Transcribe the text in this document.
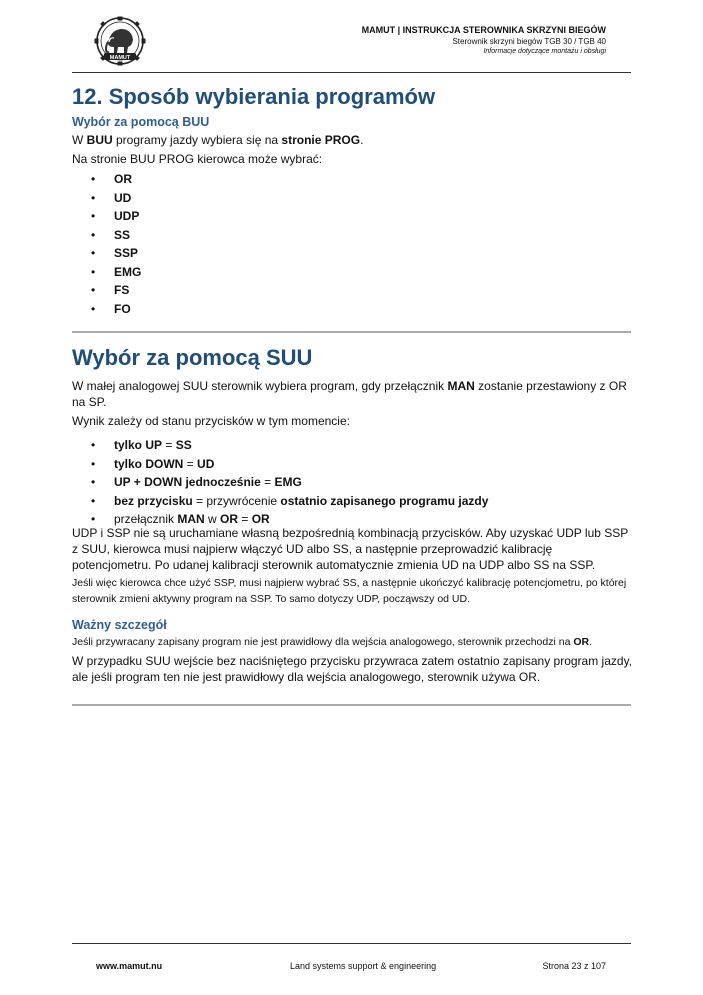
MAMUT
MAMUT | INSTRUKCJA STEROWNIKA SKRZYNI BIEGÓW
Sterownik skrzyni biegów TGB 30 / TGB 40
Informacje dotyczące montażu i obsługi
12. Sposób wybierania programów
Wybór za pomocą BUU

W BUU programy jazdy wybiera się na stronie PROG.

Na stronie BUU PROG kierowca może wybrać:

• OR
• UD
• UDP
• SS
• SSP
• EMG
• FS
• FO
Wybór za pomocą SUU

W małej analogowej SUU sterownik wybiera program, gdy przełącznik MAN zostanie przestawiony z OR na SP.

Wynik zależy od stanu przycisków w tym momencie:

• tylko UP = SS
• tylko DOWN = UD
• UP + DOWN jednocześnie = EMG
• bez przycisku = przywrócenie ostatnio zapisanego programu jazdy
• przełącznik MAN w OR = OR

UDP i SSP nie są uruchamiane własną bezpośrednią kombinacją przycisków. Aby uzyskać UDP lub SSP z SUU, kierowca musi najpierw włączyć UD albo SS, a następnie przeprowadzić kalibrację potencjometru. Po udanej kalibracji sterownik automatycznie zmienia UD na UDP albo SS na SSP.

Jeśli więc kierowca chce użyć SSP, musi najpierw wybrać SS, a następnie ukończyć kalibrację potencjometru, po której sterownik zmieni aktywny program na SSP. To samo dotyczy UDP, począwszy od UD.

Ważny szczegół

Jeśli przywracany zapisany program nie jest prawidłowy dla wejścia analogowego, sterownik przechodzi na OR.

W przypadku SUU wejście bez naciśniętego przycisku przywraca zatem ostatnio zapisany program jazdy, ale jeśli program ten nie jest prawidłowy dla wejścia analogowego, sterownik używa OR.

www.mamut.nu	Land systems support & engineering	Strona 23 z 107
